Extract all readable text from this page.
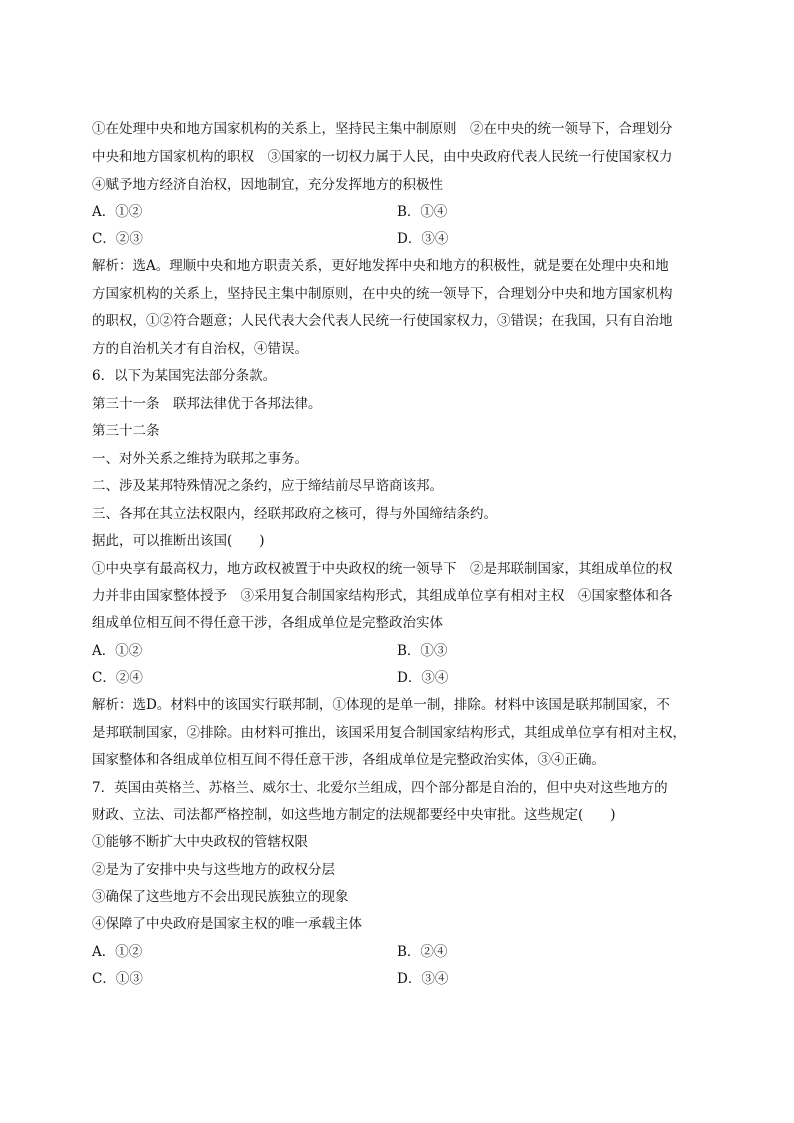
①在处理中央和地方国家机构的关系上，坚持民主集中制原则　②在中央的统一领导下，合理划分
中央和地方国家机构的职权　③国家的一切权力属于人民，由中央政府代表人民统一行使国家权力
④赋予地方经济自治权，因地制宜，充分发挥地方的积极性
A．①②	B．①④
C．②③	D．③④
解析：选A。理顺中央和地方职责关系，更好地发挥中央和地方的积极性，就是要在处理中央和地
方国家机构的关系上，坚持民主集中制原则，在中央的统一领导下，合理划分中央和地方国家机构
的职权，①②符合题意；人民代表大会代表人民统一行使国家权力，③错误；在我国，只有自治地
方的自治机关才有自治权，④错误。
6．以下为某国宪法部分条款。
第三十一条　联邦法律优于各邦法律。
第三十二条
一、对外关系之维持为联邦之事务。
二、涉及某邦特殊情况之条约，应于缔结前尽早谘商该邦。
三、各邦在其立法权限内，经联邦政府之核可，得与外国缔结条约。
据此，可以推断出该国(　　)
①中央享有最高权力，地方政权被置于中央政权的统一领导下　②是邦联制国家，其组成单位的权
力并非由国家整体授予　③采用复合制国家结构形式，其组成单位享有相对主权　④国家整体和各
组成单位相互间不得任意干涉，各组成单位是完整政治实体
A．①②	B．①③
C．②④	D．③④
解析：选D。材料中的该国实行联邦制，①体现的是单一制，排除。材料中该国是联邦制国家，不
是邦联制国家，②排除。由材料可推出，该国采用复合制国家结构形式，其组成单位享有相对主权，
国家整体和各组成单位相互间不得任意干涉，各组成单位是完整政治实体，③④正确。
7．英国由英格兰、苏格兰、威尔士、北爱尔兰组成，四个部分都是自治的，但中央对这些地方的
财政、立法、司法都严格控制，如这些地方制定的法规都要经中央审批。这些规定(　　)
①能够不断扩大中央政权的管辖权限
②是为了安排中央与这些地方的政权分层
③确保了这些地方不会出现民族独立的现象
④保障了中央政府是国家主权的唯一承载主体
A．①②	B．②④
C．①③	D．③④
